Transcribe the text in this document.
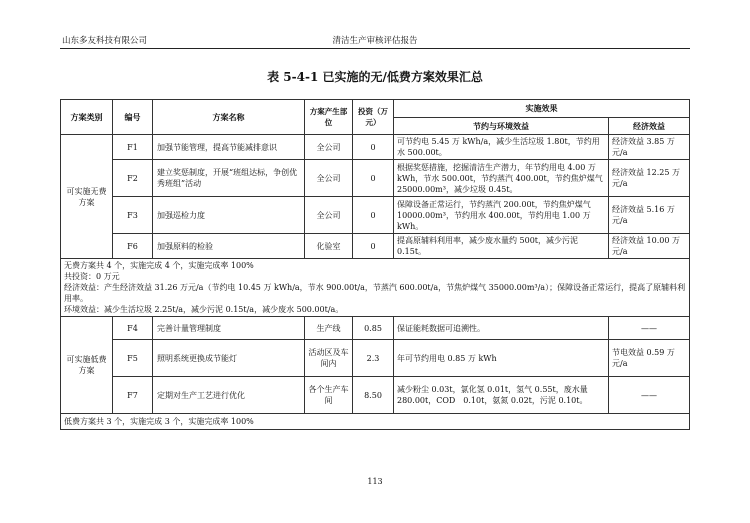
山东多友科技有限公司	清洁生产审核评估报告
表 5-4-1 已实施的无/低费方案效果汇总
方案类别	编号	方案名称	方案产生部位	投资（万元）	实施效果	
					节约与环境效益	经济效益
可实施无费方案	F1	加强节能管理，提高节能减排意识	全公司	0	可节约电 5.45 万 kWh/a，减少生活垃圾 1.80t，节约用水 500.00t。	经济效益 3.85 万元/a
	F2	建立奖惩制度，开展“班组达标，争创优秀班组”活动	全公司	0	根据奖惩措施，挖掘清洁生产潜力，年节约用电 4.00 万 kWh，节水 500.00t，节约蒸汽 400.00t，节约焦炉煤气 25000.00m³，减少垃圾 0.45t。	经济效益 12.25 万元/a
	F3	加强巡检力度	全公司	0	保障设备正常运行，节约蒸汽 200.00t，节约焦炉煤气 10000.00m³，节约用水 400.00t，节约用电 1.00 万 kWh。	经济效益 5.16 万元/a
	F6	加强原料的检验	化验室	0	提高原辅料利用率，减少废水量约 500t，减少污泥 0.15t。	经济效益 10.00 万元/a

无费方案共 4 个，实施完成 4 个，实施完成率 100%
共投资：0 万元
经济效益：产生经济效益 31.26 万元/a（节约电 10.45 万 kWh/a，节水 900.00t/a，节蒸汽 600.00t/a，节焦炉煤气 35000.00m³/a）；保障设备正常运行，提高了原辅料利用率。
环境效益：减少生活垃圾 2.25t/a，减少污泥 0.15t/a，减少废水 500.00t/a。						

可实施低费方案	F4	完善计量管理制度	生产线	0.85	保证能耗数据可追溯性。	——
	F5	照明系统更换成节能灯	活动区及车间内	2.3	年可节约用电 0.85 万 kWh	节电效益 0.59 万元/a
	F7	定期对生产工艺进行优化	各个生产车间	8.50	减少粉尘 0.03t，氯化氢 0.01t，氢气 0.55t，废水量 280.00t，COD　0.10t，氨氮 0.02t，污泥 0.10t。	——
低费方案共 3 个，实施完成 3 个，实施完成率 100%						
113
